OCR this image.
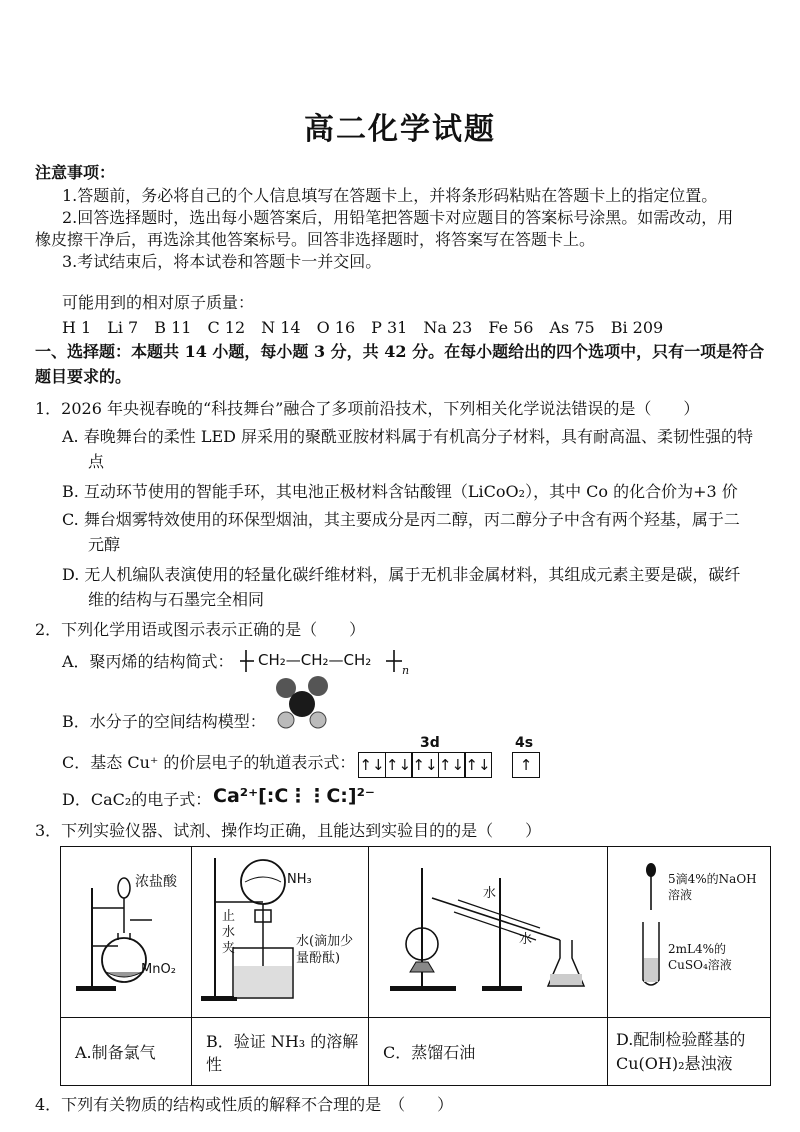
高二化学试题
注意事项：
1.答题前，务必将自己的个人信息填写在答题卡上，并将条形码粘贴在答题卡上的指定位置。
2.回答选择题时，选出每小题答案后，用铅笔把答题卡对应题目的答案标号涂黑。如需改动，用
橡皮擦干净后，再选涂其他答案标号。回答非选择题时，将答案写在答题卡上。
3.考试结束后，将本试卷和答题卡一并交回。
可能用到的相对原子质量：
H 1 Li 7 B 11 C 12 N 14 O 16 P 31 Na 23 Fe 56 As 75 Bi 209
一、选择题：本题共 14 小题，每小题 3 分，共 42 分。在每小题给出的四个选项中，只有一项是符合
题目要求的。
1．2026 年央视春晚的“科技舞台”融合了多项前沿技术，下列相关化学说法错误的是（　　）
A. 春晚舞台的柔性 LED 屏采用的聚酰亚胺材料属于有机高分子材料，具有耐高温、柔韧性强的特
点
B. 互动环节使用的智能手环，其电池正极材料含钴酸锂（LiCoO₂），其中 Co 的化合价为+3 价
C. 舞台烟雾特效使用的环保型烟油，其主要成分是丙二醇，丙二醇分子中含有两个羟基，属于二
元醇
D. 无人机编队表演使用的轻量化碳纤维材料，属于无机非金属材料，其组成元素主要是碳，碳纤
维的结构与石墨完全相同
2．下列化学用语或图示表示正确的是（　　）
A．聚丙烯的结构简式： CH₂—CH₂—CH₂
n
B．水分子的空间结构模型：
C．基态 Cu⁺ 的价层电子的轨道表示式：
3d	4s
↑↓ ↑↓ ↑↓ ↑↓ ↑↓	↑
D．CaC₂的电子式： Ca²⁺[:C⋮⋮C:]²⁻
3．下列实验仪器、试剂、操作均正确，且能达到实验目的的是（　　）
浓盐酸
MnO₂	NH₃
止水夹 水(滴加少量酚酞)	水
水	5滴4%的NaOH溶液
2mL4%的CuSO₄溶液

A.制备氯气	B．验证 NH₃ 的溶解性	C．蒸馏石油	D.配制检验醛基的Cu(OH)₂悬浊液
4．下列有关物质的结构或性质的解释不合理的是　（　　）
